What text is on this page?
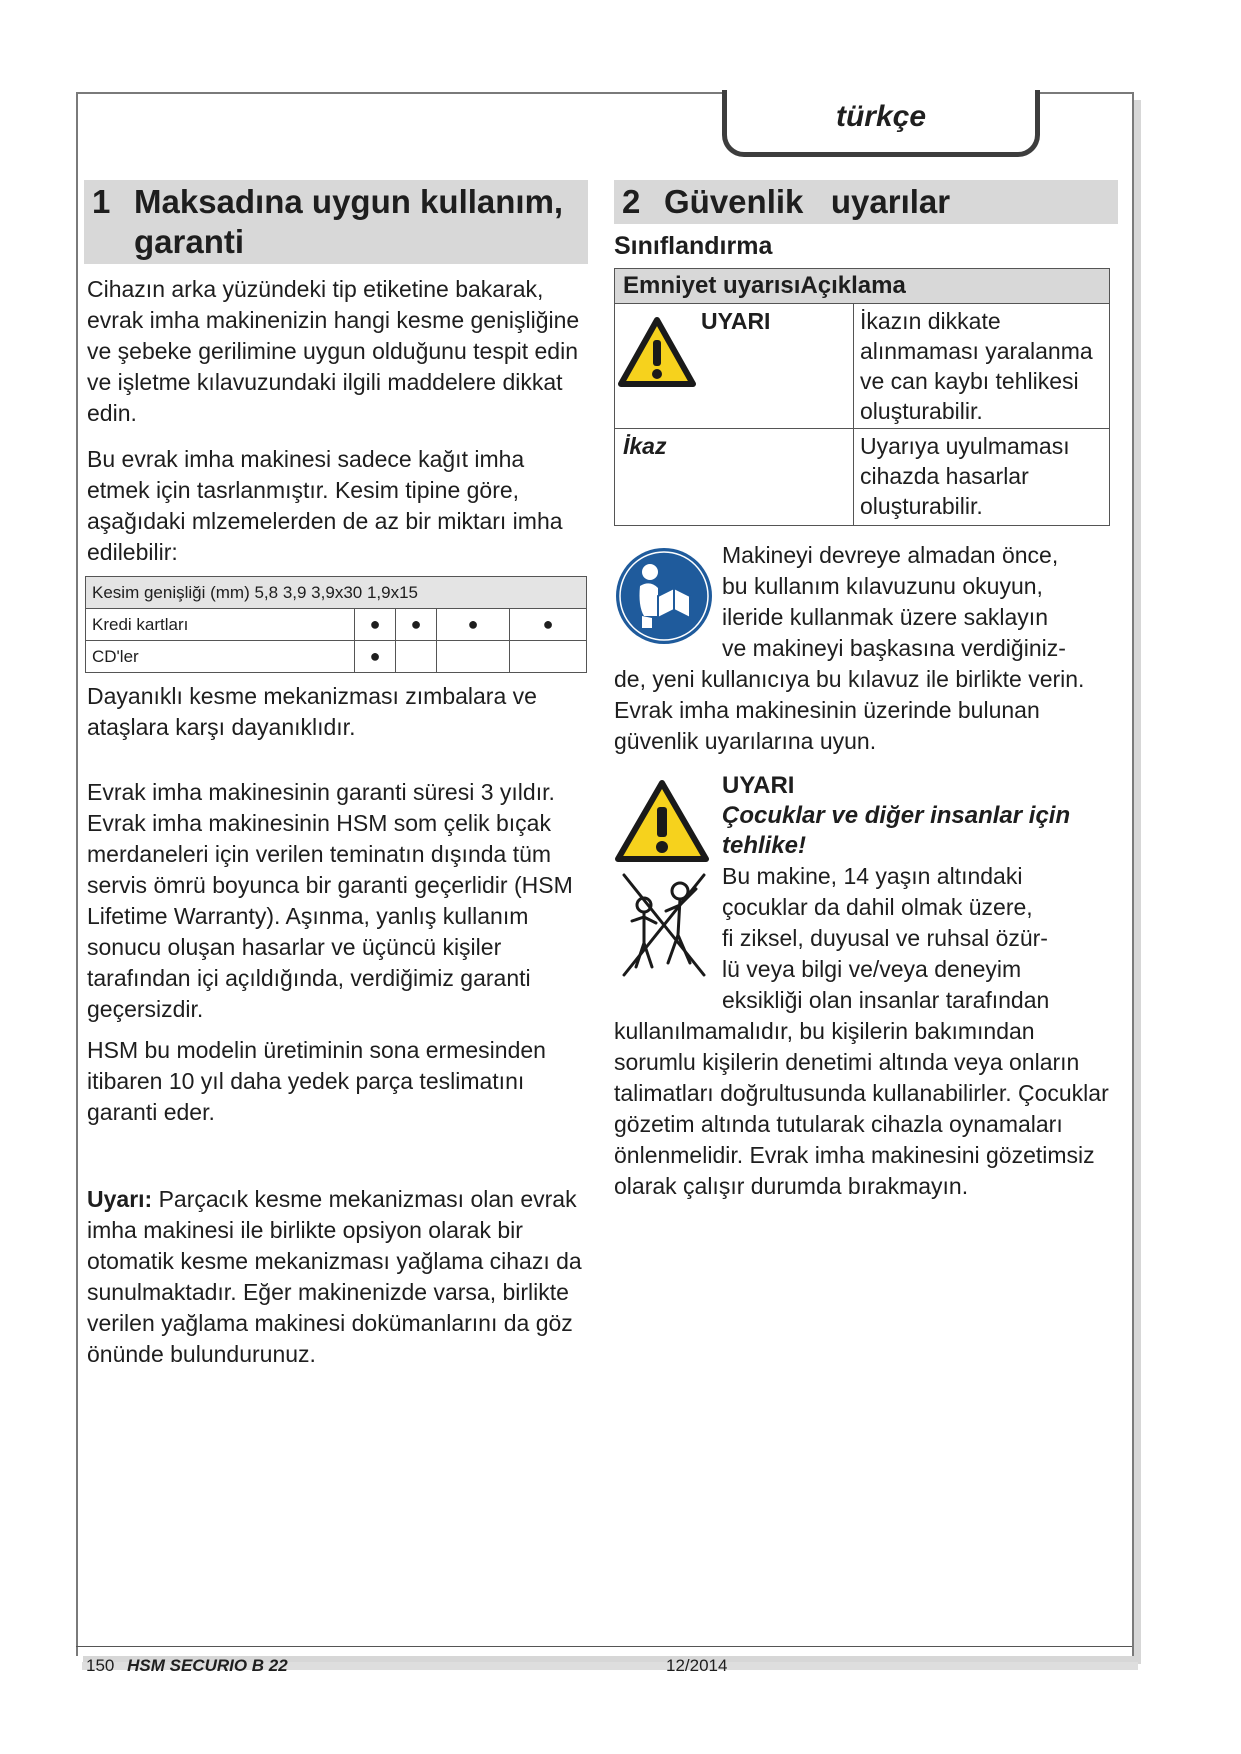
türkçe
1 Maksadına uygun kullanım,
garanti

Cihazın arka yüzündeki tip etiketine bakarak, evrak imha makinenizin hangi kesme genişliğine ve şebeke gerilimine uygun olduğunu tespit edin ve işletme kılavuzundaki ilgili maddelere dikkat edin.

Bu evrak imha makinesi sadece kağıt imha etmek için tasrlanmıştır. Kesim tipine göre, aşağıdaki mlzemelerden de az bir miktarı imha edilebilir:

Kesim genişliği (mm) 5,8 3,9 3,9x30 1,9x15				
Kredi kartları	●	●	●	●
CD'ler	●			

Dayanıklı kesme mekanizması zımbalara ve ataşlara karşı dayanıklıdır.

Evrak imha makinesinin garanti süresi 3 yıldır. Evrak imha makinesinin HSM som çelik bıçak merdaneleri için verilen teminatın dışında tüm servis ömrü boyunca bir garanti geçerlidir (HSM Lifetime Warranty). Aşınma, yanlış kullanım sonucu oluşan hasarlar ve üçüncü kişiler tarafından içi açıldığında, verdiğimiz garanti geçersizdir.

HSM bu modelin üretiminin sona ermesinden itibaren 10 yıl daha yedek parça teslimatını garanti eder.

Uyarı: Parçacık kesme mekanizması olan evrak imha makinesi ile birlikte opsiyon olarak bir otomatik kesme mekanizması yağlama cihazı da sunulmaktadır. Eğer makinenizde varsa, birlikte verilen yağlama makinesi dokümanlarını da göz önünde bulundurunuz.

2 Güvenlik   uyarılar

Sınıflandırma

Emniyet uyarısıAçıklama	

UYARI	İkazın dikkate alınmaması yaralanma ve can kaybı tehlikesi oluşturabilir.
İkaz	Uyarıya uyulmaması cihazda hasarlar oluşturabilir.

Makineyi devreye almadan önce,

bu kullanım kılavuzunu okuyun,

ileride kullanmak üzere saklayın

ve makineyi başkasına verdiğiniz-

de, yeni kullanıcıya bu kılavuz ile birlikte verin. Evrak imha makinesinin üzerinde bulunan güvenlik uyarılarına uyun.

UYARI

Çocuklar ve diğer insanlar için tehlike!

Bu makine, 14 yaşın altındaki

çocuklar da dahil olmak üzere,

fi ziksel, duyusal ve ruhsal özür-

lü veya bilgi ve/veya deneyim

eksikliği olan insanlar tarafından

kullanılmamalıdır, bu kişilerin bakımından sorumlu kişilerin denetimi altında veya onların talimatları doğrultusunda kullanabilirler. Çocuklar gözetim altında tutularak cihazla oynamaları önlenmelidir. Evrak imha makinesini gözetimsiz olarak çalışır durumda bırakmayın.

150 HSM SECURIO B 22	12/2014
